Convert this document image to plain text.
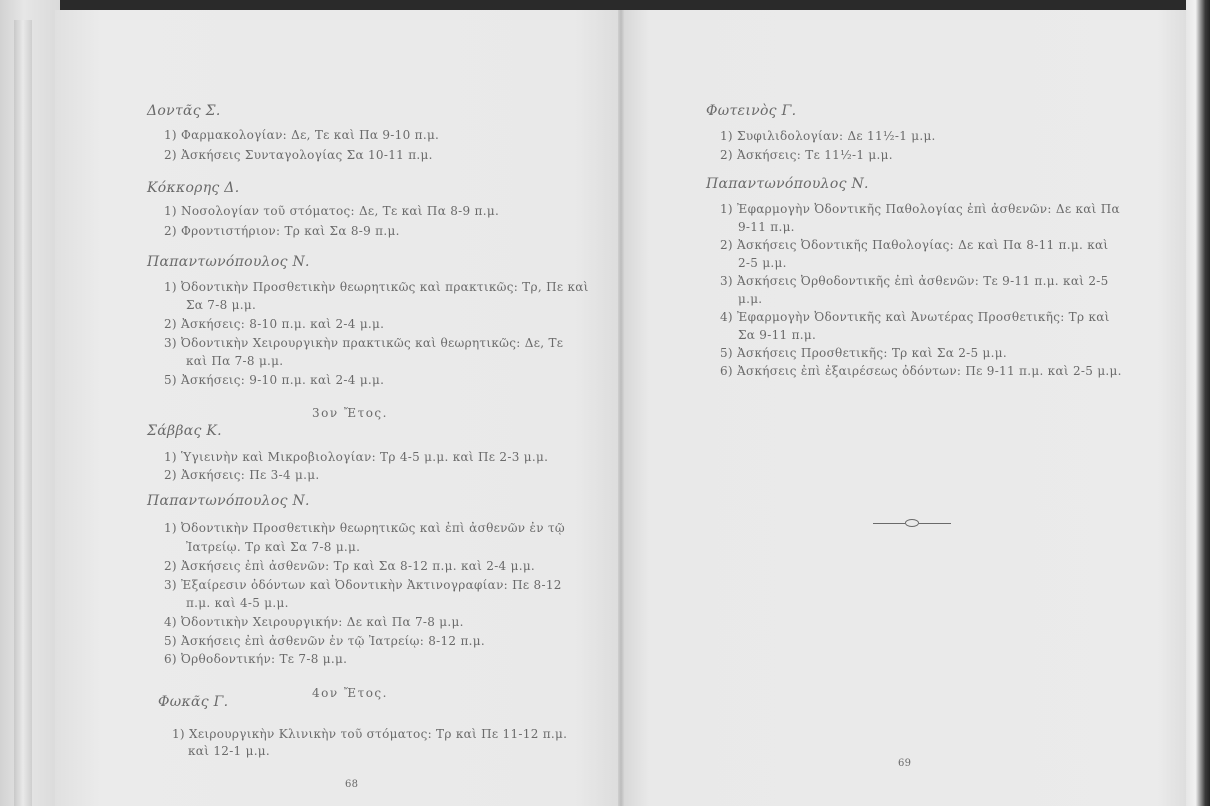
Δοντᾶς Σ.
1) Φαρμακολογίαν: Δε, Τε καὶ Πα 9-10 π.μ.
2) Ἀσκήσεις Συνταγολογίας Σα 10-11 π.μ.
Κόκκορης Δ.
1) Νοσολογίαν τοῦ στόματος: Δε, Τε καὶ Πα 8-9 π.μ.
2) Φροντιστήριον: Τρ καὶ Σα 8-9 π.μ.
Παπαντωνόπουλος Ν.
1) Ὀδοντικὴν Προσθετικὴν θεωρητικῶς καὶ πρακτικῶς: Τρ, Πε καὶ
Σα 7-8 μ.μ.
2) Ἀσκήσεις: 8-10 π.μ. καὶ 2-4 μ.μ.
3) Ὀδοντικὴν Χειρουργικὴν πρακτικῶς καὶ θεωρητικῶς: Δε, Τε
καὶ Πα 7-8 μ.μ.
5) Ἀσκήσεις: 9-10 π.μ. καὶ 2-4 μ.μ.
3ον Ἔτος.
Σάββας Κ.
1) Ὑγιεινὴν καὶ Μικροβιολογίαν: Τρ 4-5 μ.μ. καὶ Πε 2-3 μ.μ.
2) Ἀσκήσεις: Πε 3-4 μ.μ.
Παπαντωνόπουλος Ν.
1) Ὀδοντικὴν Προσθετικὴν θεωρητικῶς καὶ ἐπὶ ἀσθενῶν ἐν τῷ
Ἰατρείῳ. Τρ καὶ Σα 7-8 μ.μ.
2) Ἀσκήσεις ἐπὶ ἀσθενῶν: Τρ καὶ Σα 8-12 π.μ. καὶ 2-4 μ.μ.
3) Ἐξαίρεσιν ὀδόντων καὶ Ὀδοντικὴν Ἀκτινογραφίαν: Πε 8-12
π.μ. καὶ 4-5 μ.μ.
4) Ὀδοντικὴν Χειρουργικήν: Δε καὶ Πα 7-8 μ.μ.
5) Ἀσκήσεις ἐπὶ ἀσθενῶν ἐν τῷ Ἰατρείῳ: 8-12 π.μ.
6) Ὀρθοδοντικήν: Τε 7-8 μ.μ.
4ον Ἔτος.
Φωκᾶς Γ.
1) Χειρουργικὴν Κλινικὴν τοῦ στόματος: Τρ καὶ Πε 11-12 π.μ.
καὶ 12-1 μ.μ.
68
Φωτεινὸς Γ.
1) Συφιλιδολογίαν: Δε 11½-1 μ.μ.
2) Ἀσκήσεις: Τε 11½-1 μ.μ.
Παπαντωνόπουλος Ν.
1) Ἐφαρμογὴν Ὀδοντικῆς Παθολογίας ἐπὶ ἀσθενῶν: Δε καὶ Πα
9-11 π.μ.
2) Ἀσκήσεις Ὀδοντικῆς Παθολογίας: Δε καὶ Πα 8-11 π.μ. καὶ
2-5 μ.μ.
3) Ἀσκήσεις Ὀρθοδοντικῆς ἐπὶ ἀσθενῶν: Τε 9-11 π.μ. καὶ 2-5
μ.μ.
4) Ἐφαρμογὴν Ὀδοντικῆς καὶ Ἀνωτέρας Προσθετικῆς: Τρ καὶ
Σα 9-11 π.μ.
5) Ἀσκήσεις Προσθετικῆς: Τρ καὶ Σα 2-5 μ.μ.
6) Ἀσκήσεις ἐπὶ ἐξαιρέσεως ὀδόντων: Πε 9-11 π.μ. καὶ 2-5 μ.μ.
69
